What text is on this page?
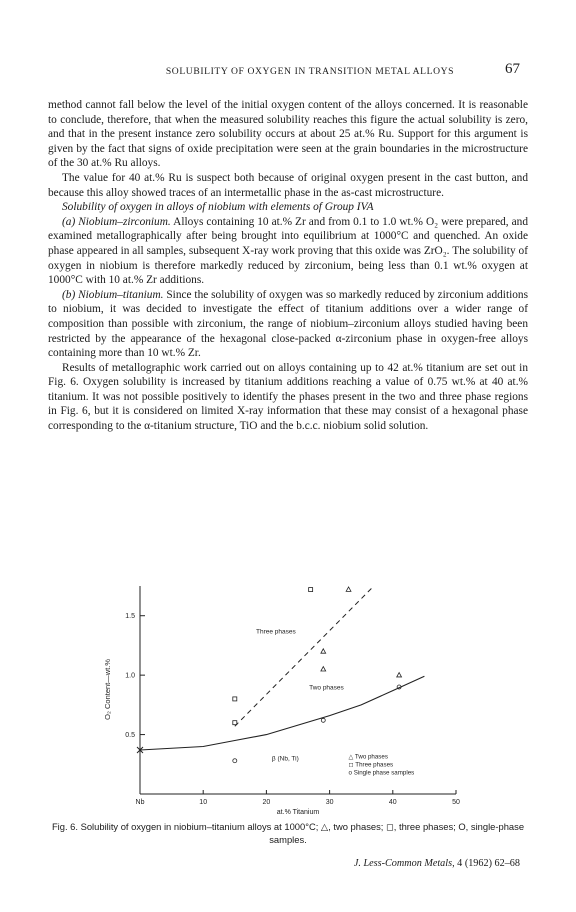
SOLUBILITY OF OXYGEN IN TRANSITION METAL ALLOYS	67

method cannot fall below the level of the initial oxygen content of the alloys concerned. It is reasonable to conclude, therefore, that when the measured solubility reaches this figure the actual solubility is zero, and that in the present instance zero solubility occurs at about 25 at.% Ru. Support for this argument is given by the fact that signs of oxide precipitation were seen at the grain boundaries in the microstructure of the 30 at.% Ru alloys.

The value for 40 at.% Ru is suspect both because of original oxygen present in the cast button, and because this alloy showed traces of an intermetallic phase in the as-cast microstructure.

Solubility of oxygen in alloys of niobium with elements of Group IVA

(a) Niobium–zirconium. Alloys containing 10 at.% Zr and from 0.1 to 1.0 wt.% O₂ were prepared, and examined metallographically after being brought into equilibrium at 1000°C and quenched. An oxide phase appeared in all samples, subsequent X-ray work proving that this oxide was ZrO₂. The solubility of oxygen in niobium is therefore markedly reduced by zirconium, being less than 0.1 wt.% oxygen at 1000°C with 10 at.% Zr additions.

(b) Niobium–titanium. Since the solubility of oxygen was so markedly reduced by zirconium additions to niobium, it was decided to investigate the effect of titanium additions over a wider range of composition than possible with zirconium, the range of niobium–zirconium alloys studied having been restricted by the appearance of the hexagonal close-packed α-zirconium phase in oxygen-free alloys containing more than 10 wt.% Zr.

Results of metallographic work carried out on alloys containing up to 42 at.% titanium are set out in Fig. 6. Oxygen solubility is increased by titanium additions reaching a value of 0.75 wt.% at 40 at.% titanium. It was not possible positively to identify the phases present in the two and three phase regions in Fig. 6, but it is considered on limited X-ray information that these may consist of a hexagonal phase corresponding to the α-titanium structure, TiO and the b.c.c. niobium solid solution.

Nb	10	20	30	40	50
at.% Titanium
0.5
1.0
1.5
O₂ Content—wt.%
Three phases
Two phases
β (Nb, Ti)	△ Two phases
◻ Three phases
o Single phase samples
Fig. 6. Solubility of oxygen in niobium–titanium alloys at 1000°C; △, two phases; ◻, three phases; O, single-phase samples.
J. Less-Common Metals, 4 (1962) 62–68
